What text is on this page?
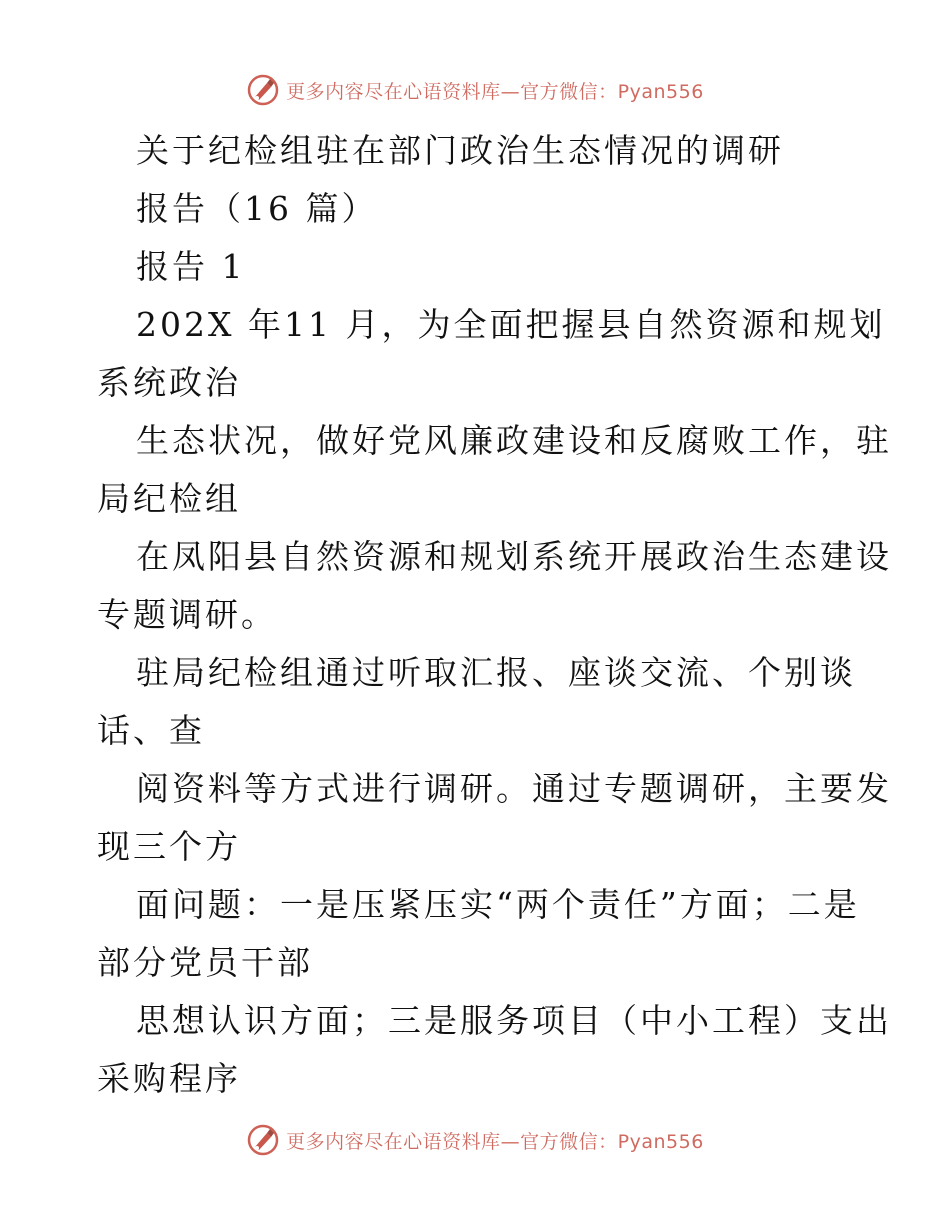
更多内容尽在心语资料库—官方微信：Pyan556
关于纪检组驻在部门政治生态情况的调研
报告（16 篇）
报告 1
202X 年11 月，为全面把握县自然资源和规划
系统政治
生态状况，做好党风廉政建设和反腐败工作，驻
局纪检组
在凤阳县自然资源和规划系统开展政治生态建设
专题调研。
驻局纪检组通过听取汇报、座谈交流、个别谈
话、查
阅资料等方式进行调研。通过专题调研，主要发
现三个方
面问题：一是压紧压实“两个责任”方面；二是
部分党员干部
思想认识方面；三是服务项目（中小工程）支出
采购程序
更多内容尽在心语资料库—官方微信：Pyan556
